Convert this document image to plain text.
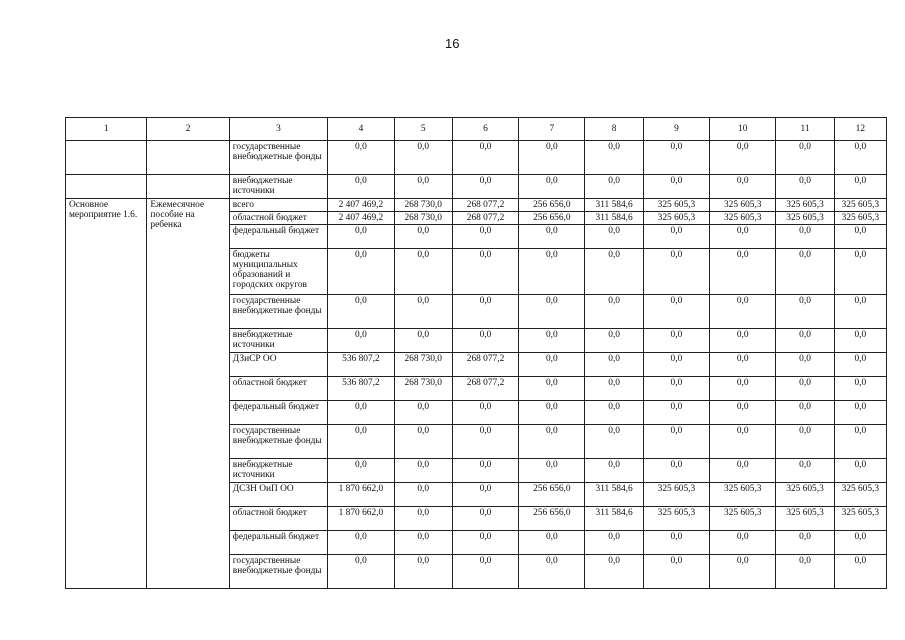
16
1	2	3	4	5	6	7	8	9	10	11	12
		государственные внебюджетные фонды	0,0	0,0	0,0	0,0	0,0	0,0	0,0	0,0	0,0
		внебюджетные источники	0,0	0,0	0,0	0,0	0,0	0,0	0,0	0,0	0,0
Основное мероприятие 1.6.	Ежемесячное пособие на ребенка	всего	2 407 469,2	268 730,0	268 077,2	256 656,0	311 584,6	325 605,3	325 605,3	325 605,3	325 605,3
		областной бюджет	2 407 469,2	268 730,0	268 077,2	256 656,0	311 584,6	325 605,3	325 605,3	325 605,3	325 605,3
		федеральный бюджет	0,0	0,0	0,0	0,0	0,0	0,0	0,0	0,0	0,0
		бюджеты муниципальных образований и городских округов	0,0	0,0	0,0	0,0	0,0	0,0	0,0	0,0	0,0
		государственные внебюджетные фонды	0,0	0,0	0,0	0,0	0,0	0,0	0,0	0,0	0,0
		внебюджетные источники	0,0	0,0	0,0	0,0	0,0	0,0	0,0	0,0	0,0
		ДЗиСР ОО	536 807,2	268 730,0	268 077,2	0,0	0,0	0,0	0,0	0,0	0,0
		областной бюджет	536 807,2	268 730,0	268 077,2	0,0	0,0	0,0	0,0	0,0	0,0
		федеральный бюджет	0,0	0,0	0,0	0,0	0,0	0,0	0,0	0,0	0,0
		государственные внебюджетные фонды	0,0	0,0	0,0	0,0	0,0	0,0	0,0	0,0	0,0
		внебюджетные источники	0,0	0,0	0,0	0,0	0,0	0,0	0,0	0,0	0,0
		ДСЗН ОиП ОО	1 870 662,0	0,0	0,0	256 656,0	311 584,6	325 605,3	325 605,3	325 605,3	325 605,3
		областной бюджет	1 870 662,0	0,0	0,0	256 656,0	311 584,6	325 605,3	325 605,3	325 605,3	325 605,3
		федеральный бюджет	0,0	0,0	0,0	0,0	0,0	0,0	0,0	0,0	0,0
		государственные внебюджетные фонды	0,0	0,0	0,0	0,0	0,0	0,0	0,0	0,0	0,0
